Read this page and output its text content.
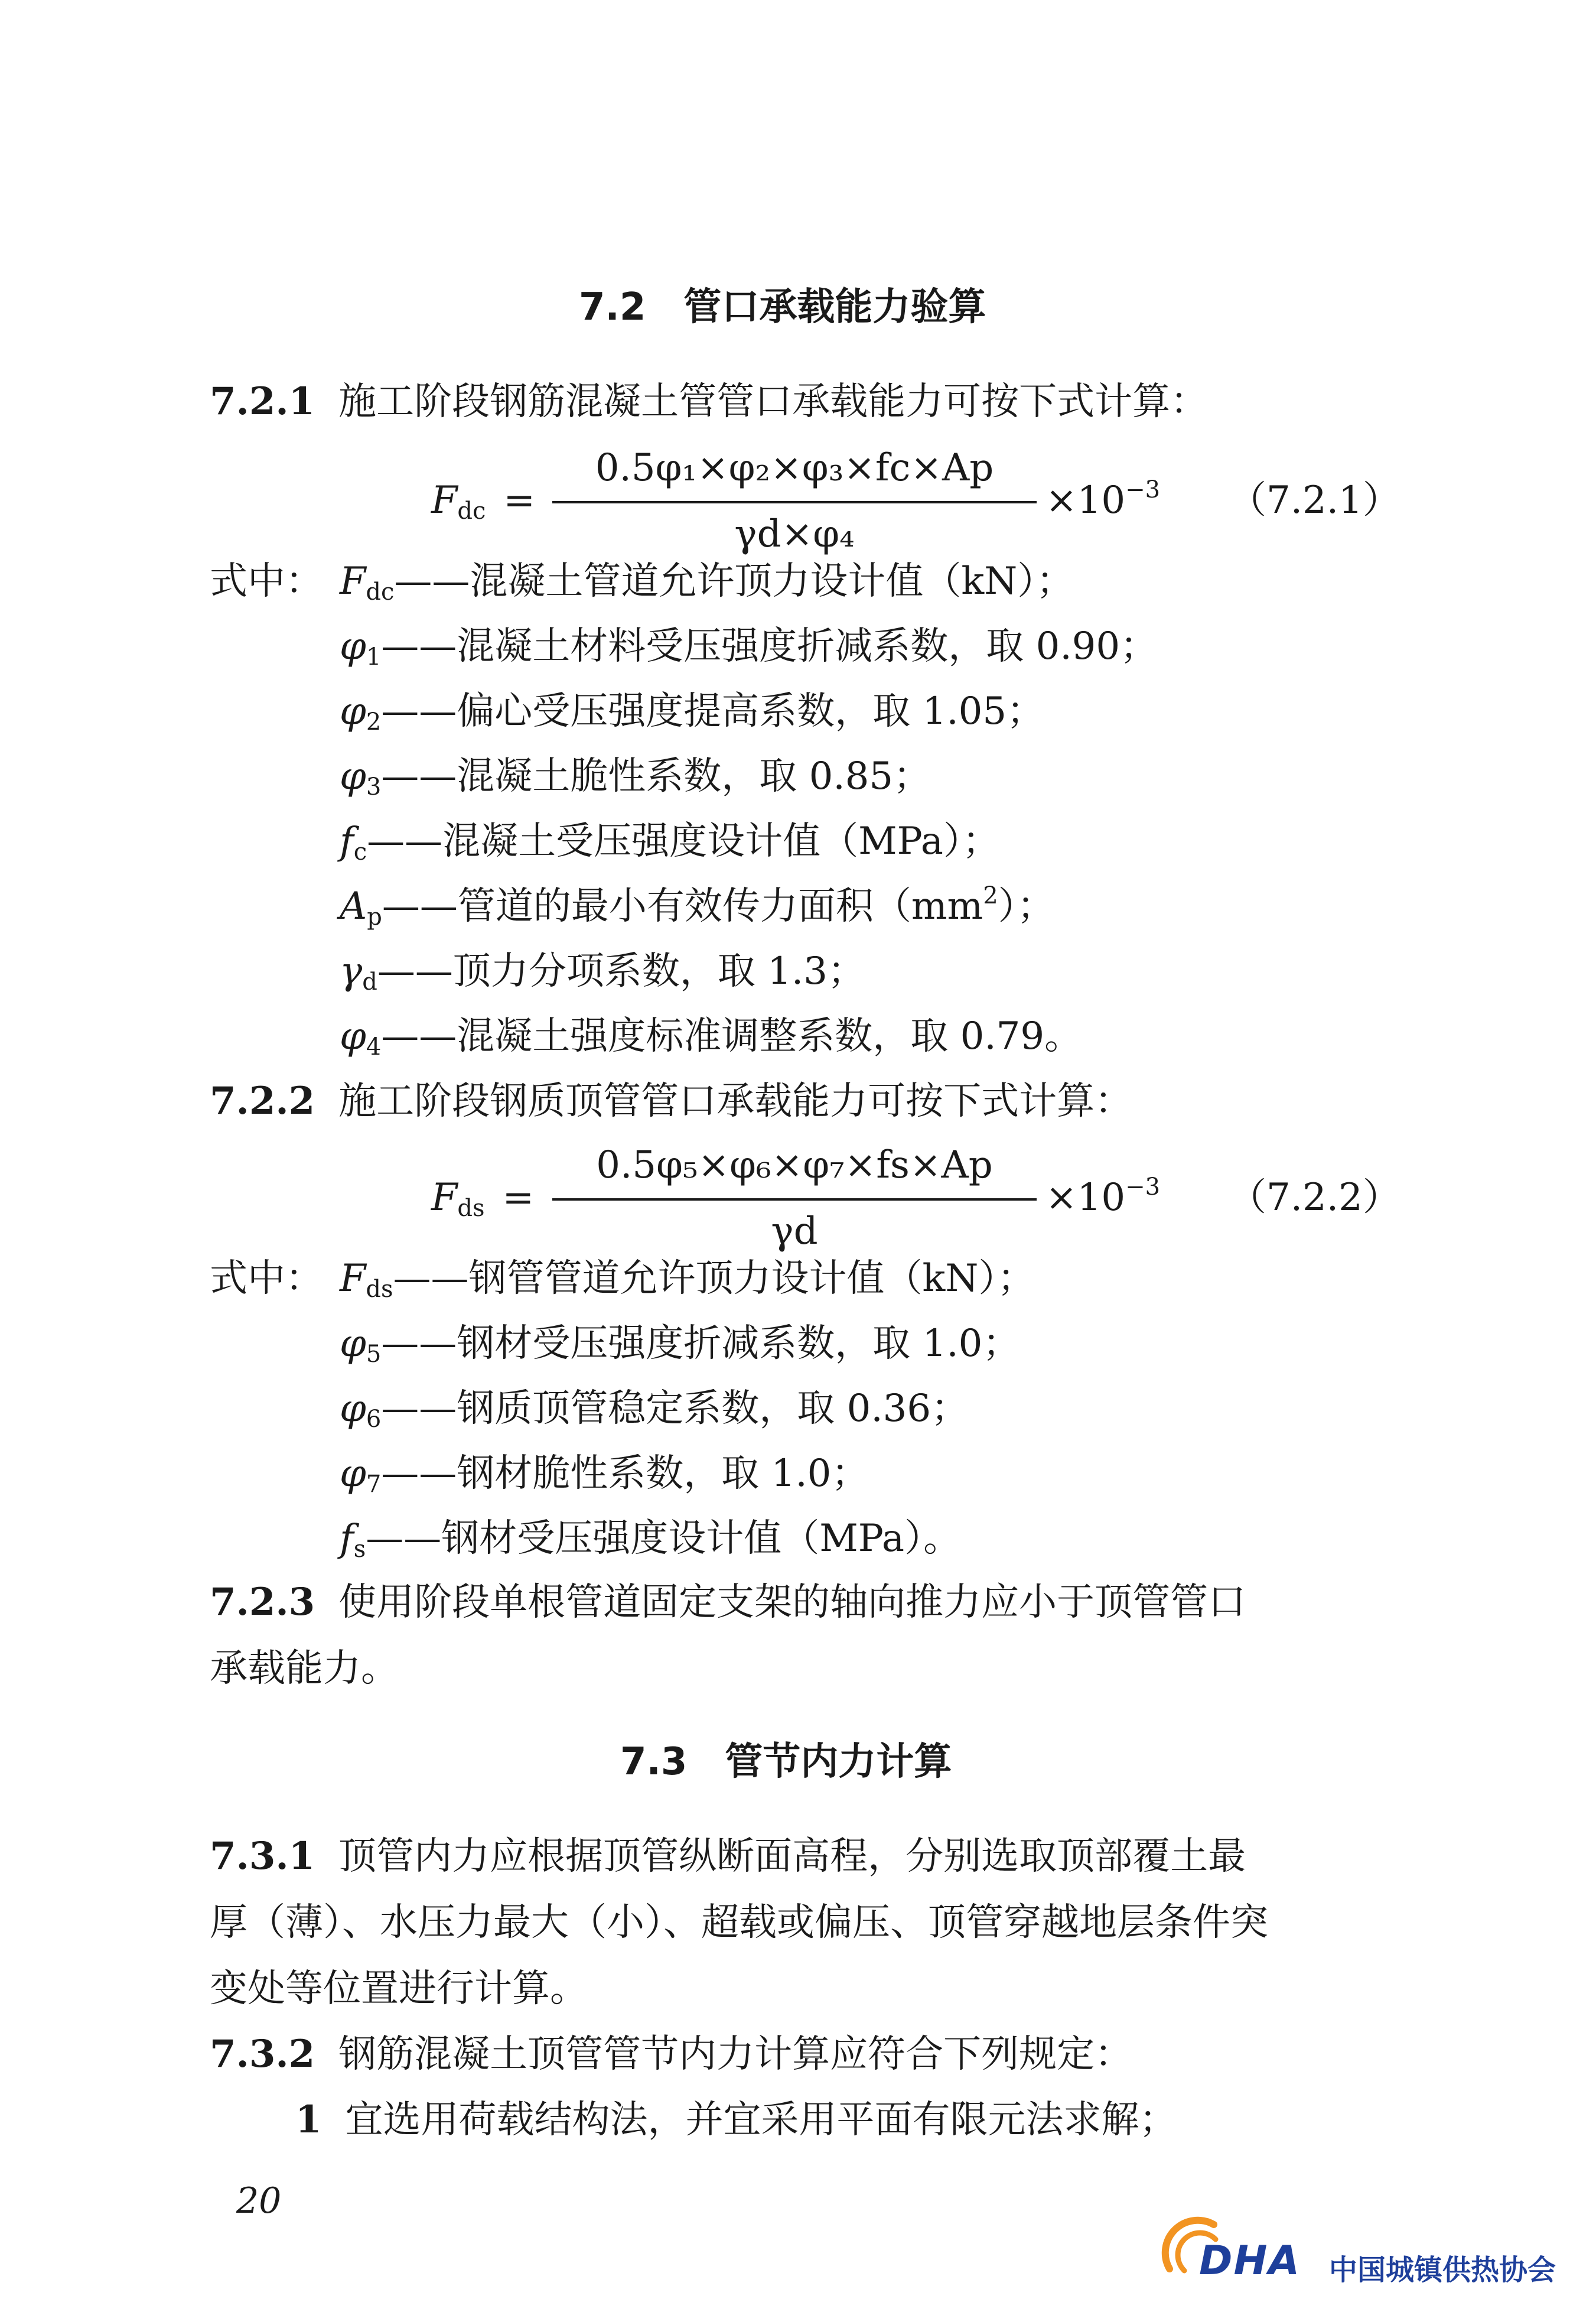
7.2　管口承载能力验算
7.2.1 施工阶段钢筋混凝土管管口承载能力可按下式计算：
$F_{dc}$ =
0.5φ₁×φ₂×φ₃×fc×Ap
γd×φ₄
$\times 10^{-3}$ （7.2.1）
式中： $F_{dc}——$混凝土管道允许顶力设计值（kN）；
$\varphi_1——$混凝土材料受压强度折减系数，取 0.90；
$\varphi_2——$偏心受压强度提高系数，取 1.05；
$\varphi_3——$混凝土脆性系数，取 0.85；
$f_c——$混凝土受压强度设计值（MPa）；
$A_p——$管道的最小有效传力面积$(mm^2)$；
$\gamma_d——$顶力分项系数，取 1.3；
$\varphi_4——$混凝土强度标准调整系数，取 0.79。
7.2.2 施工阶段钢质顶管管口承载能力可按下式计算：
$F_{ds}$ =
0.5φ₅×φ₆×φ₇×fs×Ap
γd
$\times 10^{-3}$ （7.2.2）
式中： $F_{ds}——$钢管管道允许顶力设计值（kN）；
$\varphi_5——$钢材受压强度折减系数，取 1.0；
$\varphi_6——$钢质顶管稳定系数，取 0.36；
$\varphi_7——$钢材脆性系数，取 1.0；
$f_s——$钢材受压强度设计值（MPa）。
7.2.3 使用阶段单根管道固定支架的轴向推力应小于顶管管口
承载能力。
7.3　管节内力计算
7.3.1 顶管内力应根据顶管纵断面高程，分别选取顶部覆土最
厚（薄）、水压力最大（小）、超载或偏压、顶管穿越地层条件突
变处等位置进行计算。
7.3.2 钢筋混凝土顶管管节内力计算应符合下列规定：
1 宜选用荷载结构法，并宜采用平面有限元法求解；
20
DHA 中国城镇供热协会
